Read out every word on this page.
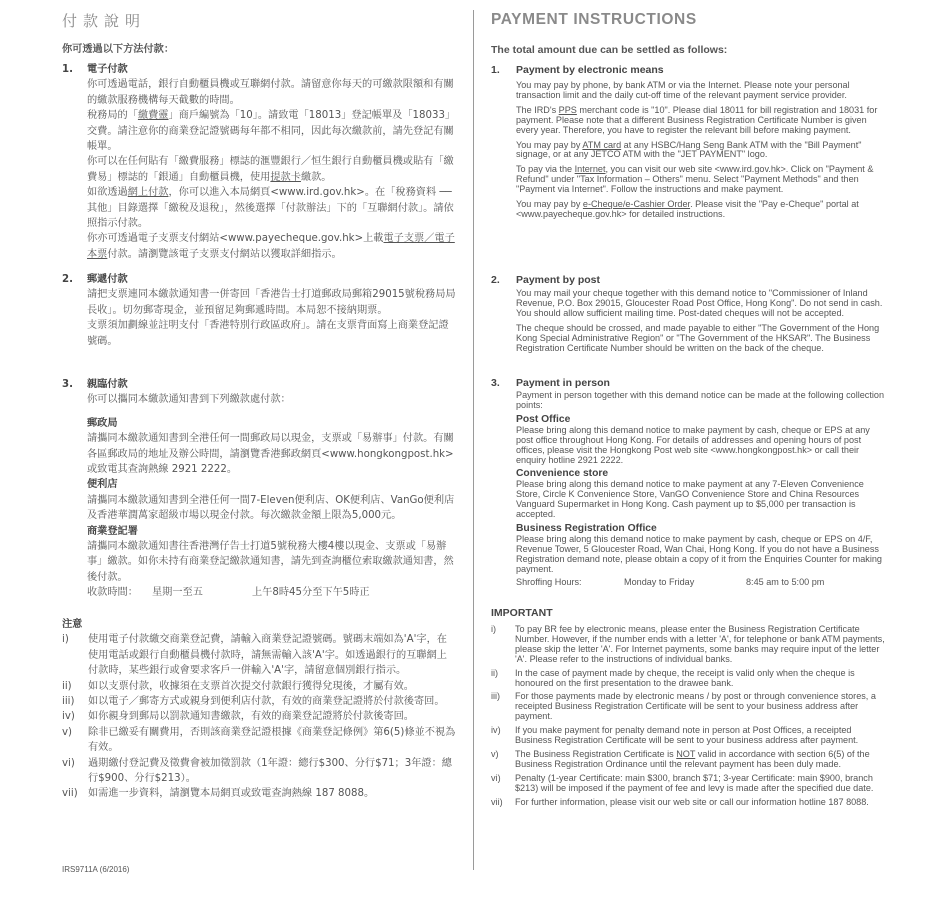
付款說明

你可透過以下方法付款：

1. 電子付款

你可透過電話，銀行自動櫃員機或互聯網付款。請留意你每天的可繳款限額和有關的繳款服務機構每天截數的時間。

稅務局的「繳費靈」商戶編號為「10」。請致電「18013」登記帳單及「18033」交費。請注意你的商業登記證號碼每年都不相同，因此每次繳款前，請先登記有關帳單。

你可以在任何貼有「繳費服務」標誌的滙豐銀行／恒生銀行自動櫃員機或貼有「繳費易」標誌的「銀通」自動櫃員機，使用提款卡繳款。

如欲透過網上付款，你可以進入本局網頁<www.ird.gov.hk>。在「稅務資料 ── 其他」目錄選擇「繳稅及退稅」，然後選擇「付款辦法」下的「互聯網付款」。請依照指示付款。

你亦可透過電子支票支付網站<www.payecheque.gov.hk>上載電子支票／電子本票付款。請瀏覽該電子支票支付網站以獲取詳細指示。

2. 郵遞付款

請把支票連同本繳款通知書一併寄回「香港告士打道郵政局郵箱29015號稅務局局長收」。切勿郵寄現金，並預留足夠郵遞時間。本局恕不接納期票。

支票須加劃線並註明支付「香港特別行政區政府」。請在支票背面寫上商業登記證號碼。

3. 親臨付款

你可以攜同本繳款通知書到下列繳款處付款：

郵政局

請攜同本繳款通知書到全港任何一間郵政局以現金，支票或「易辦事」付款。有關各區郵政局的地址及辦公時間，請瀏覽香港郵政網頁<www.hongkongpost.hk>或致電其查詢熱線 2921 2222。

便利店

請攜同本繳款通知書到全港任何一間7-Eleven便利店、OK便利店、VanGo便利店及香港華潤萬家超級市場以現金付款。每次繳款金額上限為5,000元。

商業登記署

請攜同本繳款通知書往香港灣仔告士打道5號稅務大樓4樓以現金、支票或「易辦事」繳款。如你未持有商業登記繳款通知書，請先到查詢櫃位索取繳款通知書，然後付款。

收款時間：	星期一至五	上午8時45分至下午5時正

注意

i)	使用電子付款繳交商業登記費，請輸入商業登記證號碼。號碼末端如為'A'字，在使用電話或銀行自動櫃員機付款時，請無需輸入該'A'字。如透過銀行的互聯網上付款時，某些銀行或會要求客戶一併輸入'A'字，請留意個別銀行指示。
ii)	如以支票付款，收據須在支票首次提交付款銀行獲得兌現後，才屬有效。
iii)	如以電子／郵寄方式或親身到便利店付款，有效的商業登記證將於付款後寄回。
iv)	如你親身到郵局以罰款通知書繳款，有效的商業登記證將於付款後寄回。
v)	除非已繳妥有關費用，否則該商業登記證根據《商業登記條例》第6(5)條並不視為有效。
vi)	過期繳付登記費及徵費會被加徵罰款（1年證：總行$300、分行$71；3年證：總行$900、分行$213）。
vii)	如需進一步資料，請瀏覽本局網頁或致電查詢熱線 187 8088。
PAYMENT INSTRUCTIONS

The total amount due can be settled as follows:

1. Payment by electronic means

You may pay by phone, by bank ATM or via the Internet. Please note your personal transaction limit and the daily cut-off time of the relevant payment service provider.

The IRD's PPS merchant code is "10". Please dial 18011 for bill registration and 18031 for payment. Please note that a different Business Registration Certificate Number is given every year. Therefore, you have to register the relevant bill before making payment.

You may pay by ATM card at any HSBC/Hang Seng Bank ATM with the "Bill Payment" signage, or at any JETCO ATM with the "JET PAYMENT" logo.

To pay via the Internet, you can visit our web site <www.ird.gov.hk>. Click on "Payment & Refund" under "Tax Information – Others" menu. Select "Payment Methods" and then "Payment via Internet". Follow the instructions and make payment.

You may pay by e-Cheque/e-Cashier Order. Please visit the "Pay e-Cheque" portal at <www.payecheque.gov.hk> for detailed instructions.

2. Payment by post

You may mail your cheque together with this demand notice to "Commissioner of Inland Revenue, P.O. Box 29015, Gloucester Road Post Office, Hong Kong". Do not send in cash. You should allow sufficient mailing time. Post-dated cheques will not be accepted.

The cheque should be crossed, and made payable to either "The Government of the Hong Kong Special Administrative Region" or "The Government of the HKSAR". The Business Registration Certificate Number should be written on the back of the cheque.

3. Payment in person

Payment in person together with this demand notice can be made at the following collection points:

Post Office

Please bring along this demand notice to make payment by cash, cheque or EPS at any post office throughout Hong Kong. For details of addresses and opening hours of post offices, please visit the Hongkong Post web site <www.hongkongpost.hk> or call their enquiry hotline 2921 2222.

Convenience store

Please bring along this demand notice to make payment at any 7-Eleven Convenience Store, Circle K Convenience Store, VanGO Convenience Store and China Resources Vanguard Supermarket in Hong Kong. Cash payment up to $5,000 per transaction is accepted.

Business Registration Office

Please bring along this demand notice to make payment by cash, cheque or EPS on 4/F, Revenue Tower, 5 Gloucester Road, Wan Chai, Hong Kong. If you do not have a Business Registration demand note, please obtain a copy of it from the Enquiries Counter for making payment.

Shroffing Hours:	Monday to Friday	8:45 am to 5:00 pm

IMPORTANT

i)	To pay BR fee by electronic means, please enter the Business Registration Certificate Number. However, if the number ends with a letter 'A', for telephone or bank ATM payments, please skip the letter 'A'. For Internet payments, some banks may require input of the letter 'A'. Please refer to the instructions of individual banks.
ii)	In the case of payment made by cheque, the receipt is valid only when the cheque is honoured on the first presentation to the drawee bank.
iii)	For those payments made by electronic means / by post or through convenience stores, a receipted Business Registration Certificate will be sent to your business address after payment.
iv)	If you make payment for penalty demand note in person at Post Offices, a receipted Business Registration Certificate will be sent to your business address after payment.
v)	The Business Registration Certificate is NOT valid in accordance with section 6(5) of the Business Registration Ordinance until the relevant payment has been duly made.
vi)	Penalty (1-year Certificate: main $300, branch $71; 3-year Certificate: main $900, branch $213) will be imposed if the payment of fee and levy is made after the specified due date.
vii)	For further information, please visit our web site or call our information hotline 187 8088.
IRS9711A (6/2016)
